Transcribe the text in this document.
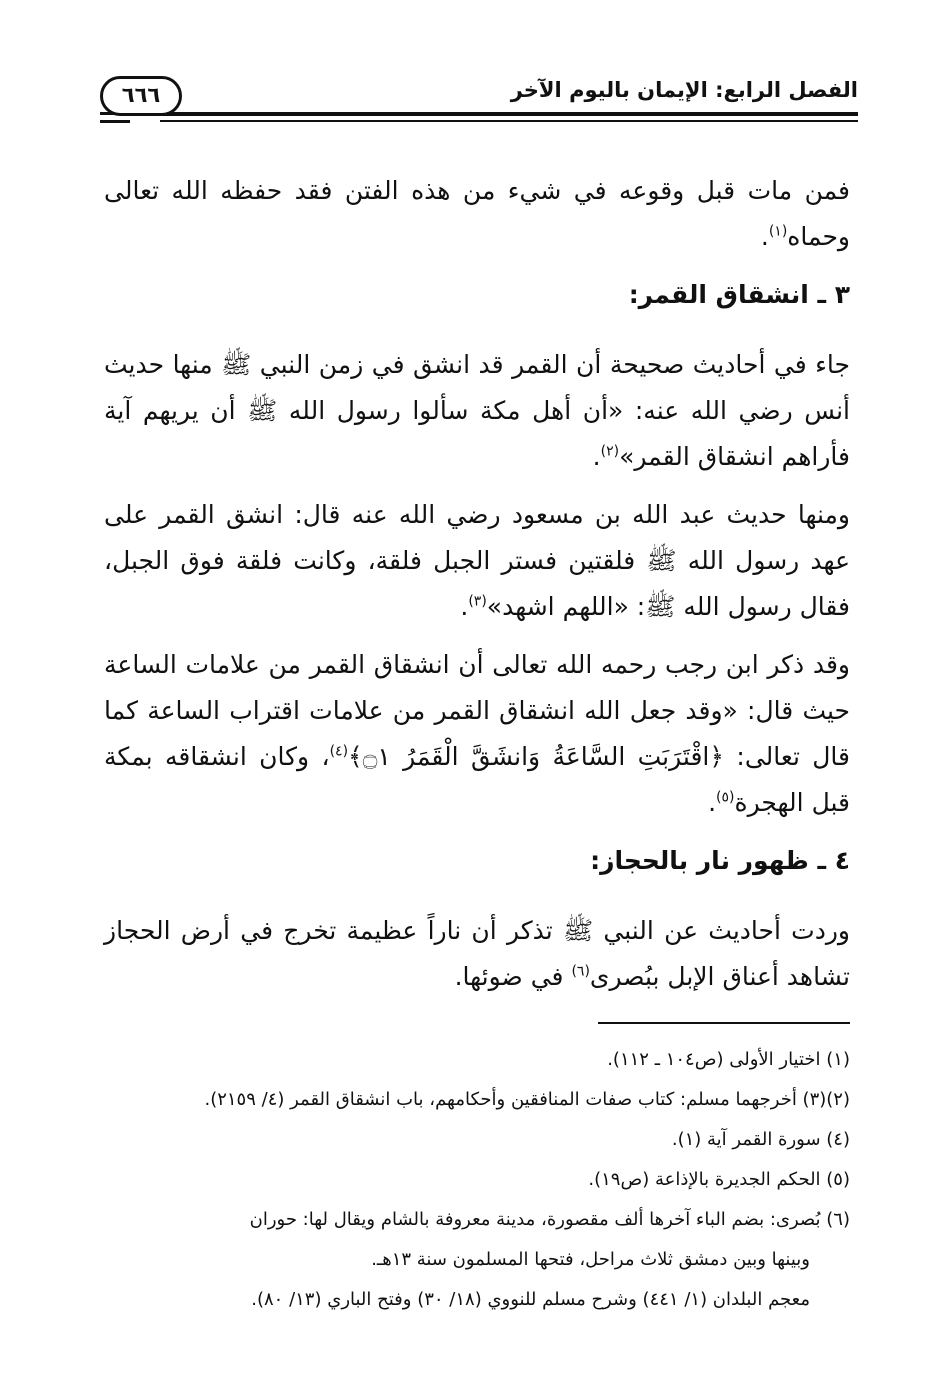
الفصل الرابع: الإيمان باليوم الآخر
٦٦٦

فمن مات قبل وقوعه في شيء من هذه الفتن فقد حفظه الله تعالى وحماه$^{(١)}$.

٣ ـ انشقاق القمر:

جاء في أحاديث صحيحة أن القمر قد انشق في زمن النبي ﷺ منها حديث أنس رضي الله عنه: «أن أهل مكة سألوا رسول الله ﷺ أن يريهم آية فأراهم انشقاق القمر»$^{(٢)}$.

ومنها حديث عبد الله بن مسعود رضي الله عنه قال: انشق القمر على عهد رسول الله ﷺ فلقتين فستر الجبل فلقة، وكانت فلقة فوق الجبل، فقال رسول الله ﷺ: «اللهم اشهد»$^{(٣)}$.

وقد ذكر ابن رجب رحمه الله تعالى أن انشقاق القمر من علامات الساعة حيث قال: «وقد جعل الله انشقاق القمر من علامات اقتراب الساعة كما قال تعالى: ﴿اقْتَرَبَتِ السَّاعَةُ وَانشَقَّ الْقَمَرُ ۝١﴾$^{(٤)}$، وكان انشقاقه بمكة قبل الهجرة$^{(٥)}$.

٤ ـ ظهور نار بالحجاز:

وردت أحاديث عن النبي ﷺ تذكر أن ناراً عظيمة تخرج في أرض الحجاز تشاهد أعناق الإبل ببُصرى$^{(٦)}$ في ضوئها.

(١) اختيار الأولى (ص١٠٤ ـ ١١٢).

(٢)(٣) أخرجهما مسلم: كتاب صفات المنافقين وأحكامهم، باب انشقاق القمر (٤/ ٢١٥٩).

(٤) سورة القمر آية (١).

(٥) الحكم الجديرة بالإذاعة (ص١٩).

(٦) بُصرى: بضم الباء آخرها ألف مقصورة، مدينة معروفة بالشام ويقال لها: حوران

وبينها وبين دمشق ثلاث مراحل، فتحها المسلمون سنة ١٣هـ.

معجم البلدان (١/ ٤٤١) وشرح مسلم للنووي (١٨/ ٣٠) وفتح الباري (١٣/ ٨٠).
